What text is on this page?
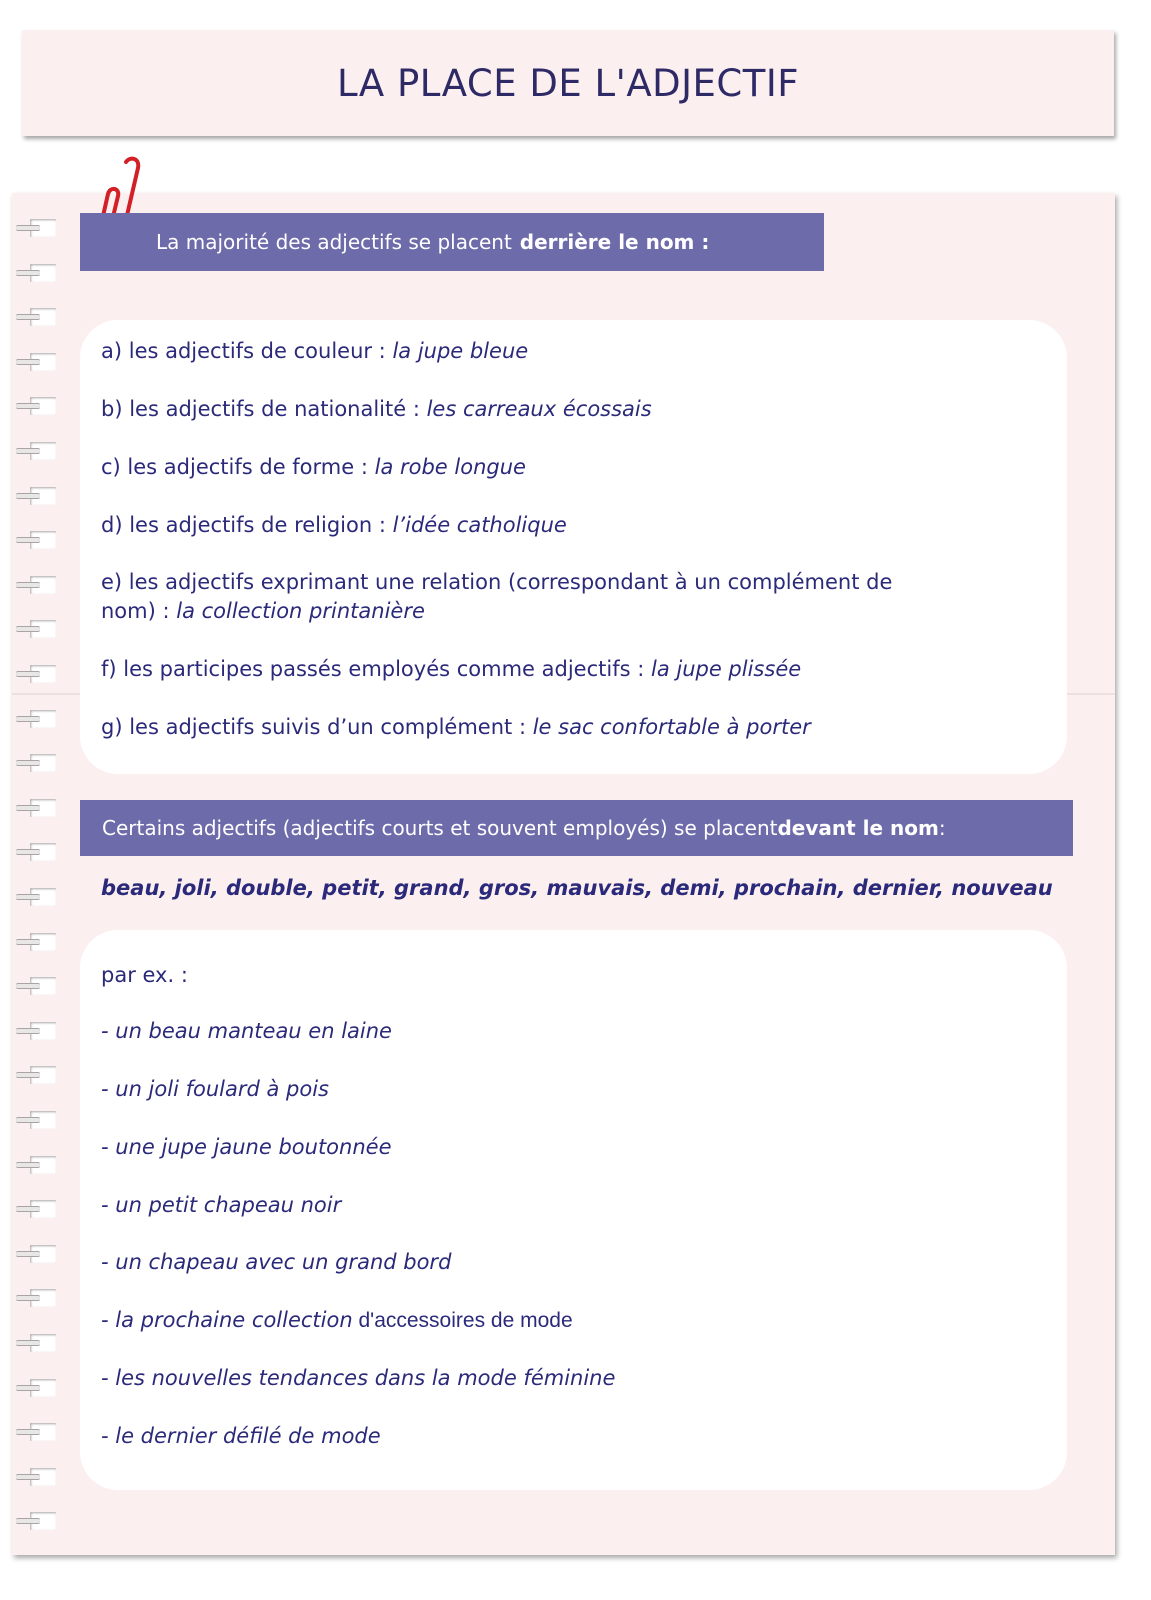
LA PLACE DE L'ADJECTIF
La majorité des adjectifs se placent derrière le nom :

a) les adjectifs de couleur : la jupe bleue

b) les adjectifs de nationalité : les carreaux écossais

c) les adjectifs de forme : la robe longue

d) les adjectifs de religion : l’idée catholique

e) les adjectifs exprimant une relation (correspondant à un complément de
nom) : la collection printanière

f) les participes passés employés comme adjectifs : la jupe plissée

g) les adjectifs suivis d’un complément : le sac confortable à porter

Certains adjectifs (adjectifs courts et souvent employés) se placent devant le nom :

beau, joli, double, petit, grand, gros, mauvais, demi, prochain, dernier, nouveau

par ex. :

- un beau manteau en laine

- un joli foulard à pois

- une jupe jaune boutonnée

- un petit chapeau noir

- un chapeau avec un grand bord

- la prochaine collection d'accessoires de mode

- les nouvelles tendances dans la mode féminine

- le dernier défilé de mode
